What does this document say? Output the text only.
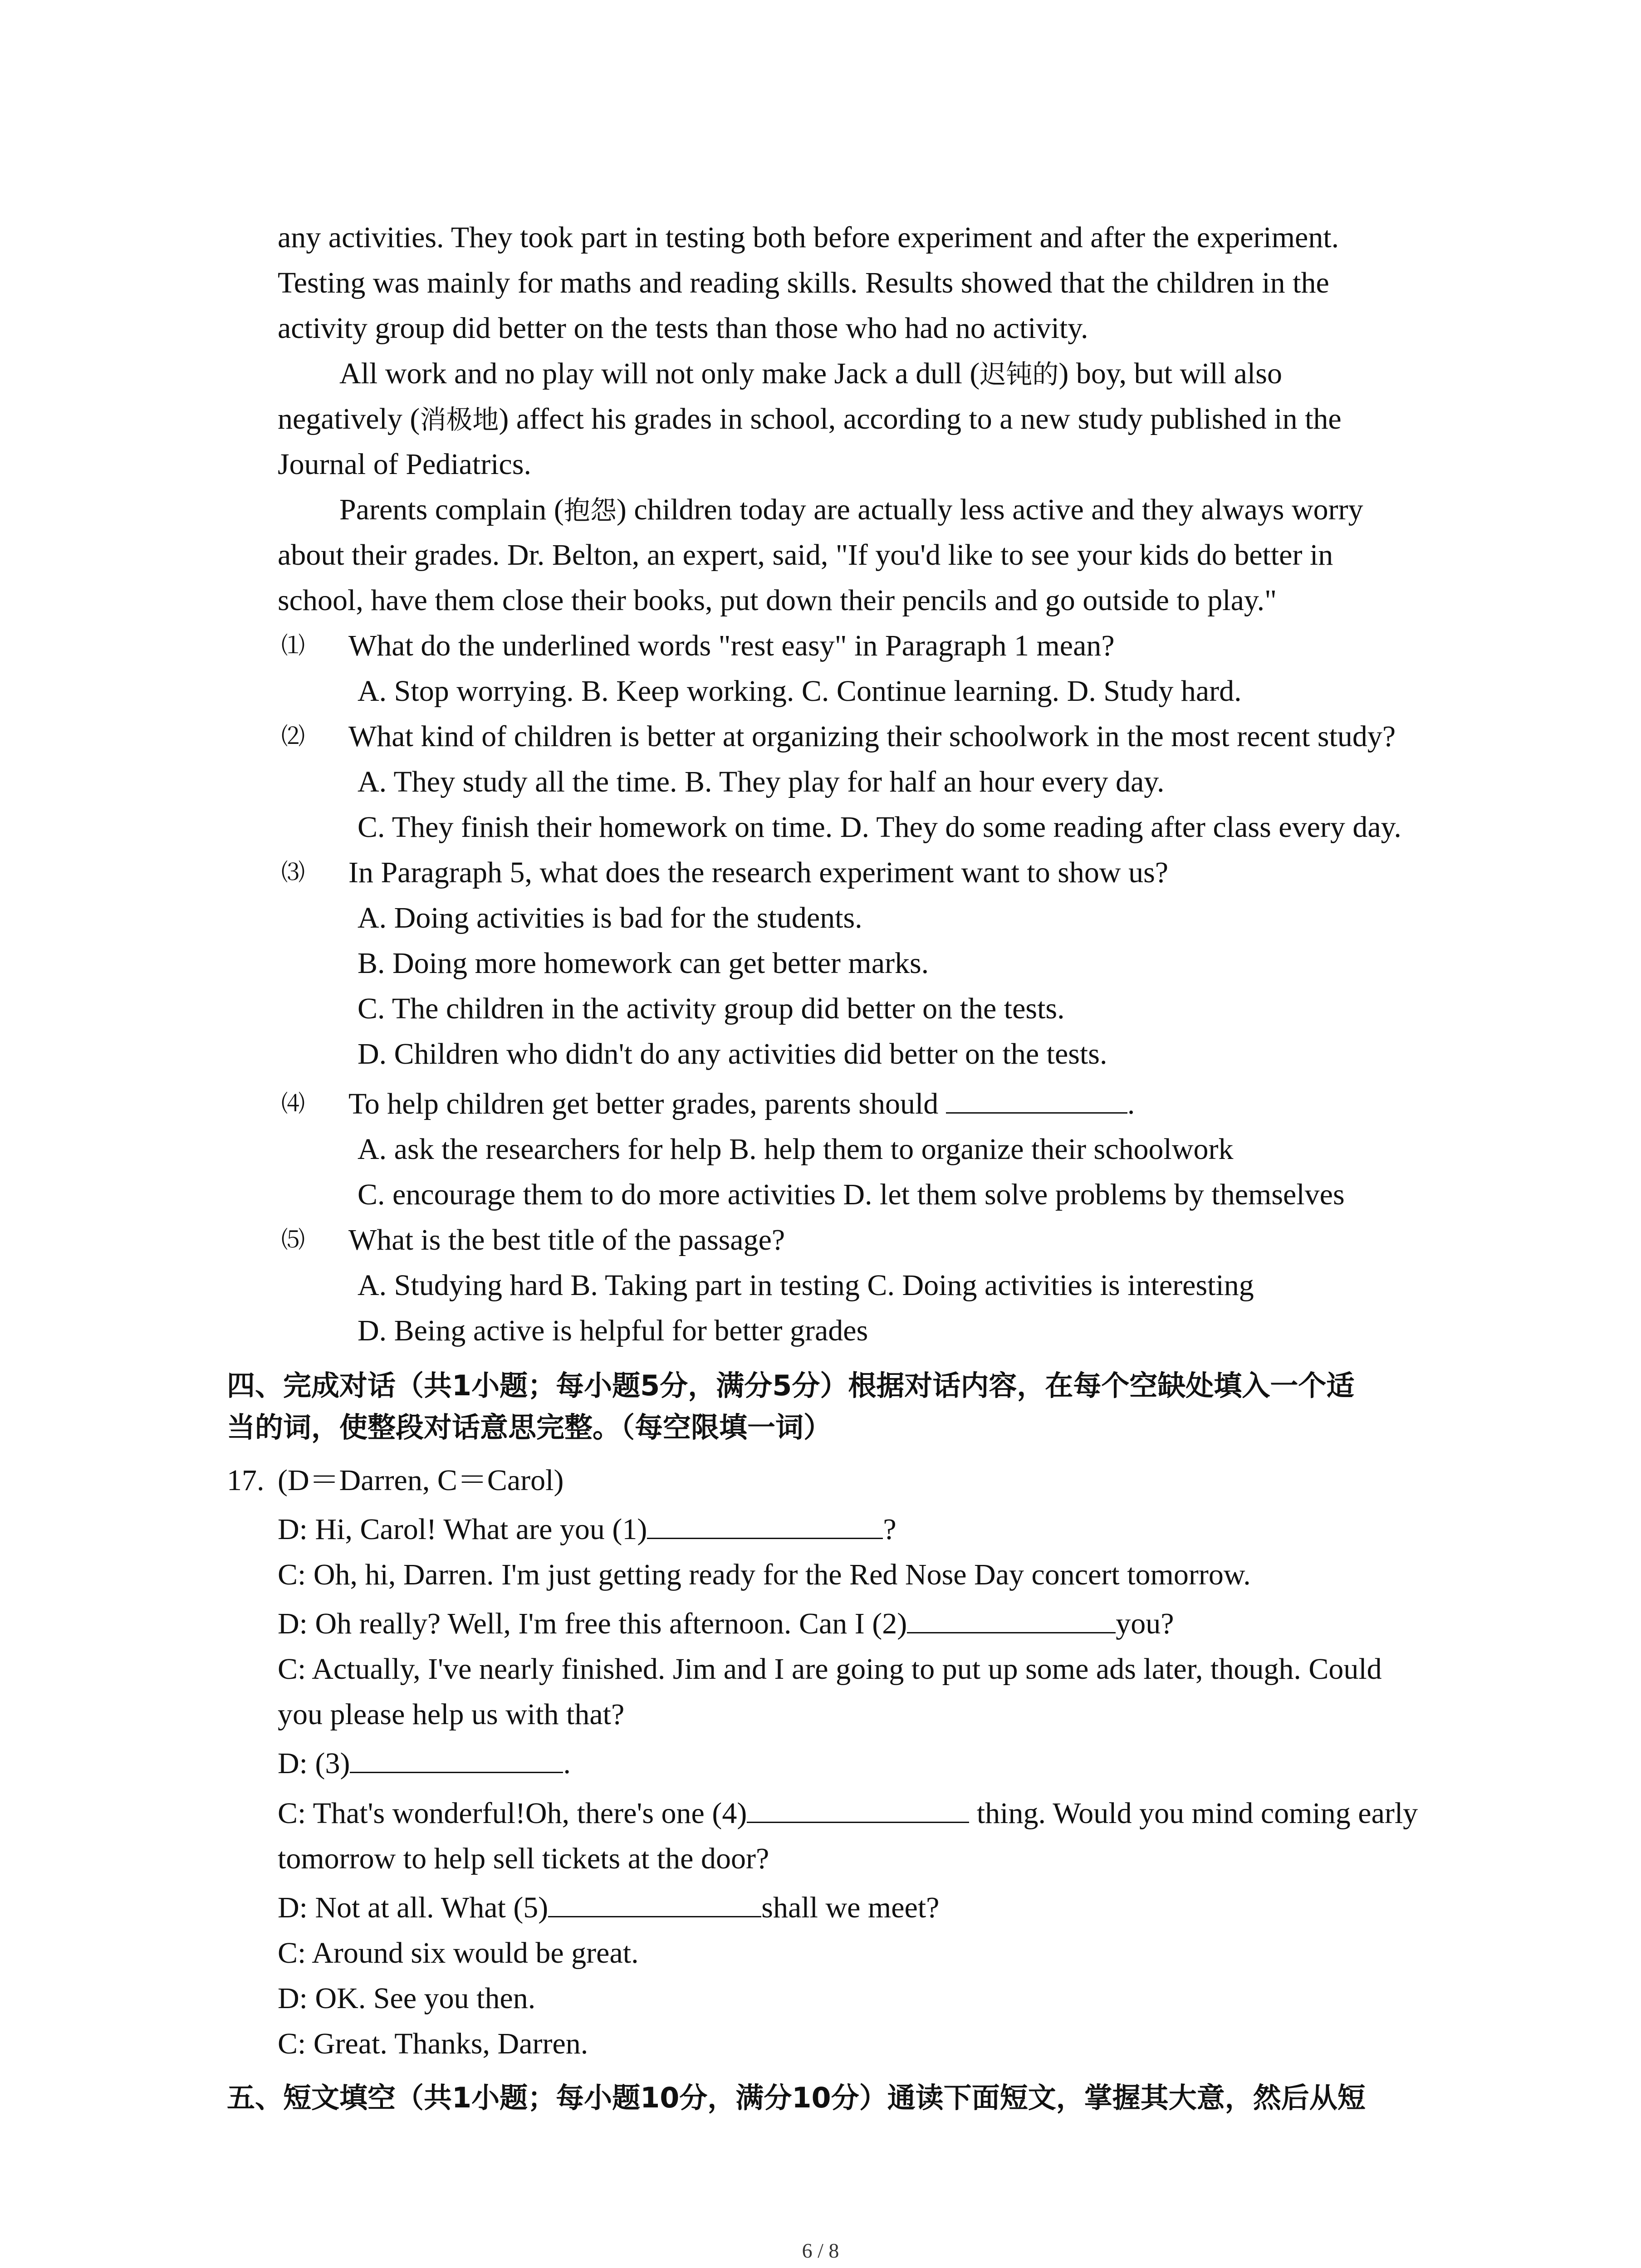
any activities. They took part in testing both before experiment and after the experiment.
Testing was mainly for maths and reading skills. Results showed that the children in the
activity group did better on the tests than those who had no activity.
All work and no play will not only make Jack a dull (迟钝的) boy, but will also
negatively (消极地) affect his grades in school, according to a new study published in the
Journal of Pediatrics.
Parents complain (抱怨) children today are actually less active and they always worry
about their grades. Dr. Belton, an expert, said, "If you'd like to see your kids do better in
school, have them close their books, put down their pencils and go outside to play."
⑴ What do the underlined words "rest easy" in Paragraph 1 mean?
A. Stop worrying. B. Keep working. C. Continue learning. D. Study hard.
⑵ What kind of children is better at organizing their schoolwork in the most recent study?
A. They study all the time. B. They play for half an hour every day.
C. They finish their homework on time. D. They do some reading after class every day.
⑶ In Paragraph 5, what does the research experiment want to show us?
A. Doing activities is bad for the students.
B. Doing more homework can get better marks.
C. The children in the activity group did better on the tests.
D. Children who didn't do any activities did better on the tests.
⑷ To help children get better grades, parents should	.
A. ask the researchers for help B. help them to organize their schoolwork
C. encourage them to do more activities D. let them solve problems by themselves
⑸ What is the best title of the passage?
A. Studying hard B. Taking part in testing C. Doing activities is interesting
D. Being active is helpful for better grades
四、完成对话（共1小题；每小题5分，满分5分）根据对话内容，在每个空缺处填入一个适
当的词，使整段对话意思完整。（每空限填一词）
17. (D＝Darren, C＝Carol)
D: Hi, Carol! What are you (1)	?
C: Oh, hi, Darren. I'm just getting ready for the Red Nose Day concert tomorrow.
D: Oh really? Well, I'm free this afternoon. Can I (2)	you?
C: Actually, I've nearly finished. Jim and I are going to put up some ads later, though. Could
you please help us with that?
D: (3)	.
C: That's wonderful!Oh, there's one (4)	thing. Would you mind coming early
tomorrow to help sell tickets at the door?
D: Not at all. What (5)	shall we meet?
C: Around six would be great.
D: OK. See you then.
C: Great. Thanks, Darren.
五、短文填空（共1小题；每小题10分，满分10分）通读下面短文，掌握其大意，然后从短
6 / 8
